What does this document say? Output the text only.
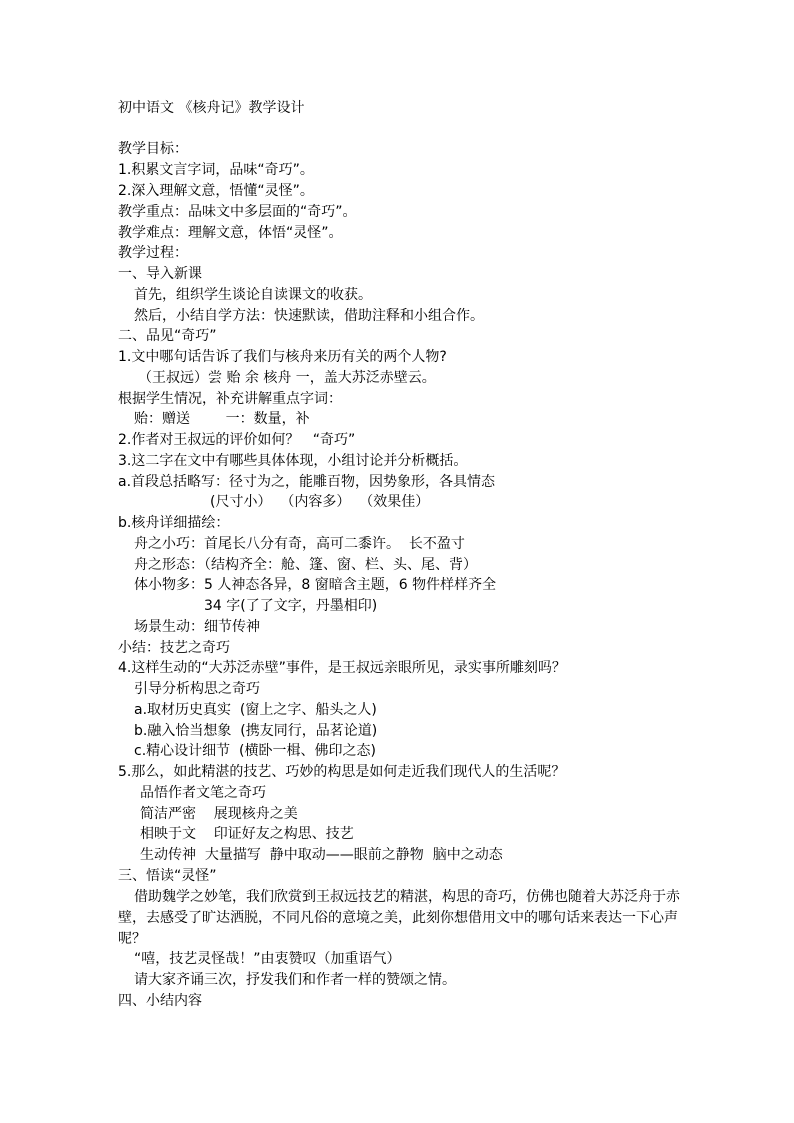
初中语文 《核舟记》教学设计
教学目标：
1.积累文言字词，品味“奇巧”。
2.深入理解文意，悟懂“灵怪”。
教学重点：品味文中多层面的“奇巧”。
教学难点：理解文意，体悟“灵怪”。
教学过程：
一、导入新课
首先，组织学生谈论自读课文的收获。
然后，小结自学方法：快速默读，借助注释和小组合作。
二、品见“奇巧”
1.文中哪句话告诉了我们与核舟来历有关的两个人物?
（王叔远）尝 贻 余 核舟 一，盖大苏泛赤壁云。
根据学生情况，补充讲解重点字词：
贻：赠送        一：数量，补
2.作者对王叔远的评价如何？   “奇巧”
3.这二字在文中有哪些具体体现，小组讨论并分析概括。
a.首段总括略写：径寸为之，能雕百物，因势象形，各具情态
(尺寸小）  （内容多）  （效果佳）
b.核舟详细描绘：
舟之小巧：首尾长八分有奇，高可二黍许。  长不盈寸
舟之形态：（结构齐全：舱、篷、窗、栏、头、尾、背）
体小物多：5 人神态各异，8 窗暗含主题，6 物件样样齐全
34 字(了了文字，丹墨相印)
场景生动：细节传神
小结：技艺之奇巧
4.这样生动的“大苏泛赤壁”事件，是王叔远亲眼所见，录实事所雕刻吗？
引导分析构思之奇巧
a.取材历史真实  (窗上之字、船头之人)
b.融入恰当想象  (携友同行，品茗论道)
c.精心设计细节  (横卧一楫、佛印之态)
5.那么，如此精湛的技艺、巧妙的构思是如何走近我们现代人的生活呢？
品悟作者文笔之奇巧
简洁严密    展现核舟之美
相映于文    印证好友之构思、技艺
生动传神  大量描写  静中取动——眼前之静物  脑中之动态
三、悟读“灵怪”
借助魏学之妙笔，我们欣赏到王叔远技艺的精湛，构思的奇巧，仿佛也随着大苏泛舟于赤壁，去感受了旷达洒脱，不同凡俗的意境之美，此刻你想借用文中的哪句话来表达一下心声呢？
“嘻，技艺灵怪哉！”由衷赞叹（加重语气）
请大家齐诵三次，抒发我们和作者一样的赞颂之情。
四、小结内容
